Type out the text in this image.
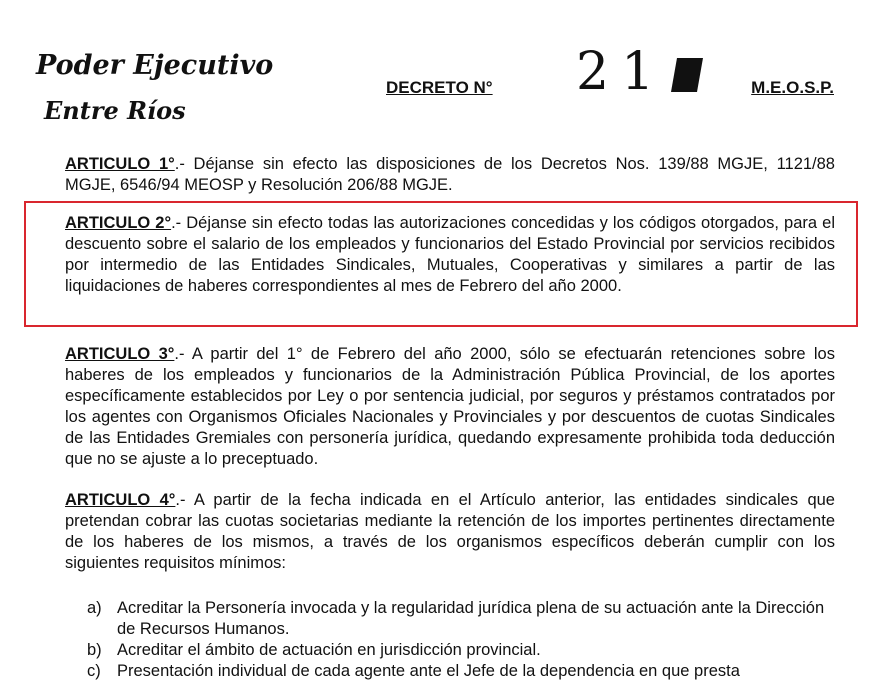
Poder Ejecutivo
Entre Ríos
DECRETO N° 21	M.E.O.S.P.

ARTICULO 1°.- Déjanse sin efecto las disposiciones de los Decretos Nos. 139/88 MGJE, 1121/88 MGJE, 6546/94 MEOSP y Resolución 206/88 MGJE.

ARTICULO 2°.- Déjanse sin efecto todas las autorizaciones concedidas y los códigos otorgados, para el descuento sobre el salario de los empleados y funcionarios del Estado Provincial por servicios recibidos por intermedio de las Entidades Sindicales, Mutuales, Cooperativas y similares a partir de las liquidaciones de haberes correspondientes al mes de Febrero del año 2000.

ARTICULO 3°.- A partir del 1° de Febrero del año 2000, sólo se efectuarán retenciones sobre los haberes de los empleados y funcionarios de la Administración Pública Provincial, de los aportes específicamente establecidos por Ley o por sentencia judicial, por seguros y préstamos contratados por los agentes con Organismos Oficiales Nacionales y Provinciales y por descuentos de cuotas Sindicales de las Entidades Gremiales con personería jurídica, quedando expresamente prohibida toda deducción que no se ajuste a lo preceptuado.

ARTICULO 4°.- A partir de la fecha indicada en el Artículo anterior, las entidades sindicales que pretendan cobrar las cuotas societarias mediante la retención de los importes pertinentes directamente de los haberes de los mismos, a través de los organismos específicos deberán cumplir con los siguientes requisitos mínimos:

a) Acreditar la Personería invocada y la regularidad jurídica plena de su actuación ante la Dirección de Recursos Humanos.
b) Acreditar el ámbito de actuación en jurisdicción provincial.
c) Presentación individual de cada agente ante el Jefe de la dependencia en que presta
